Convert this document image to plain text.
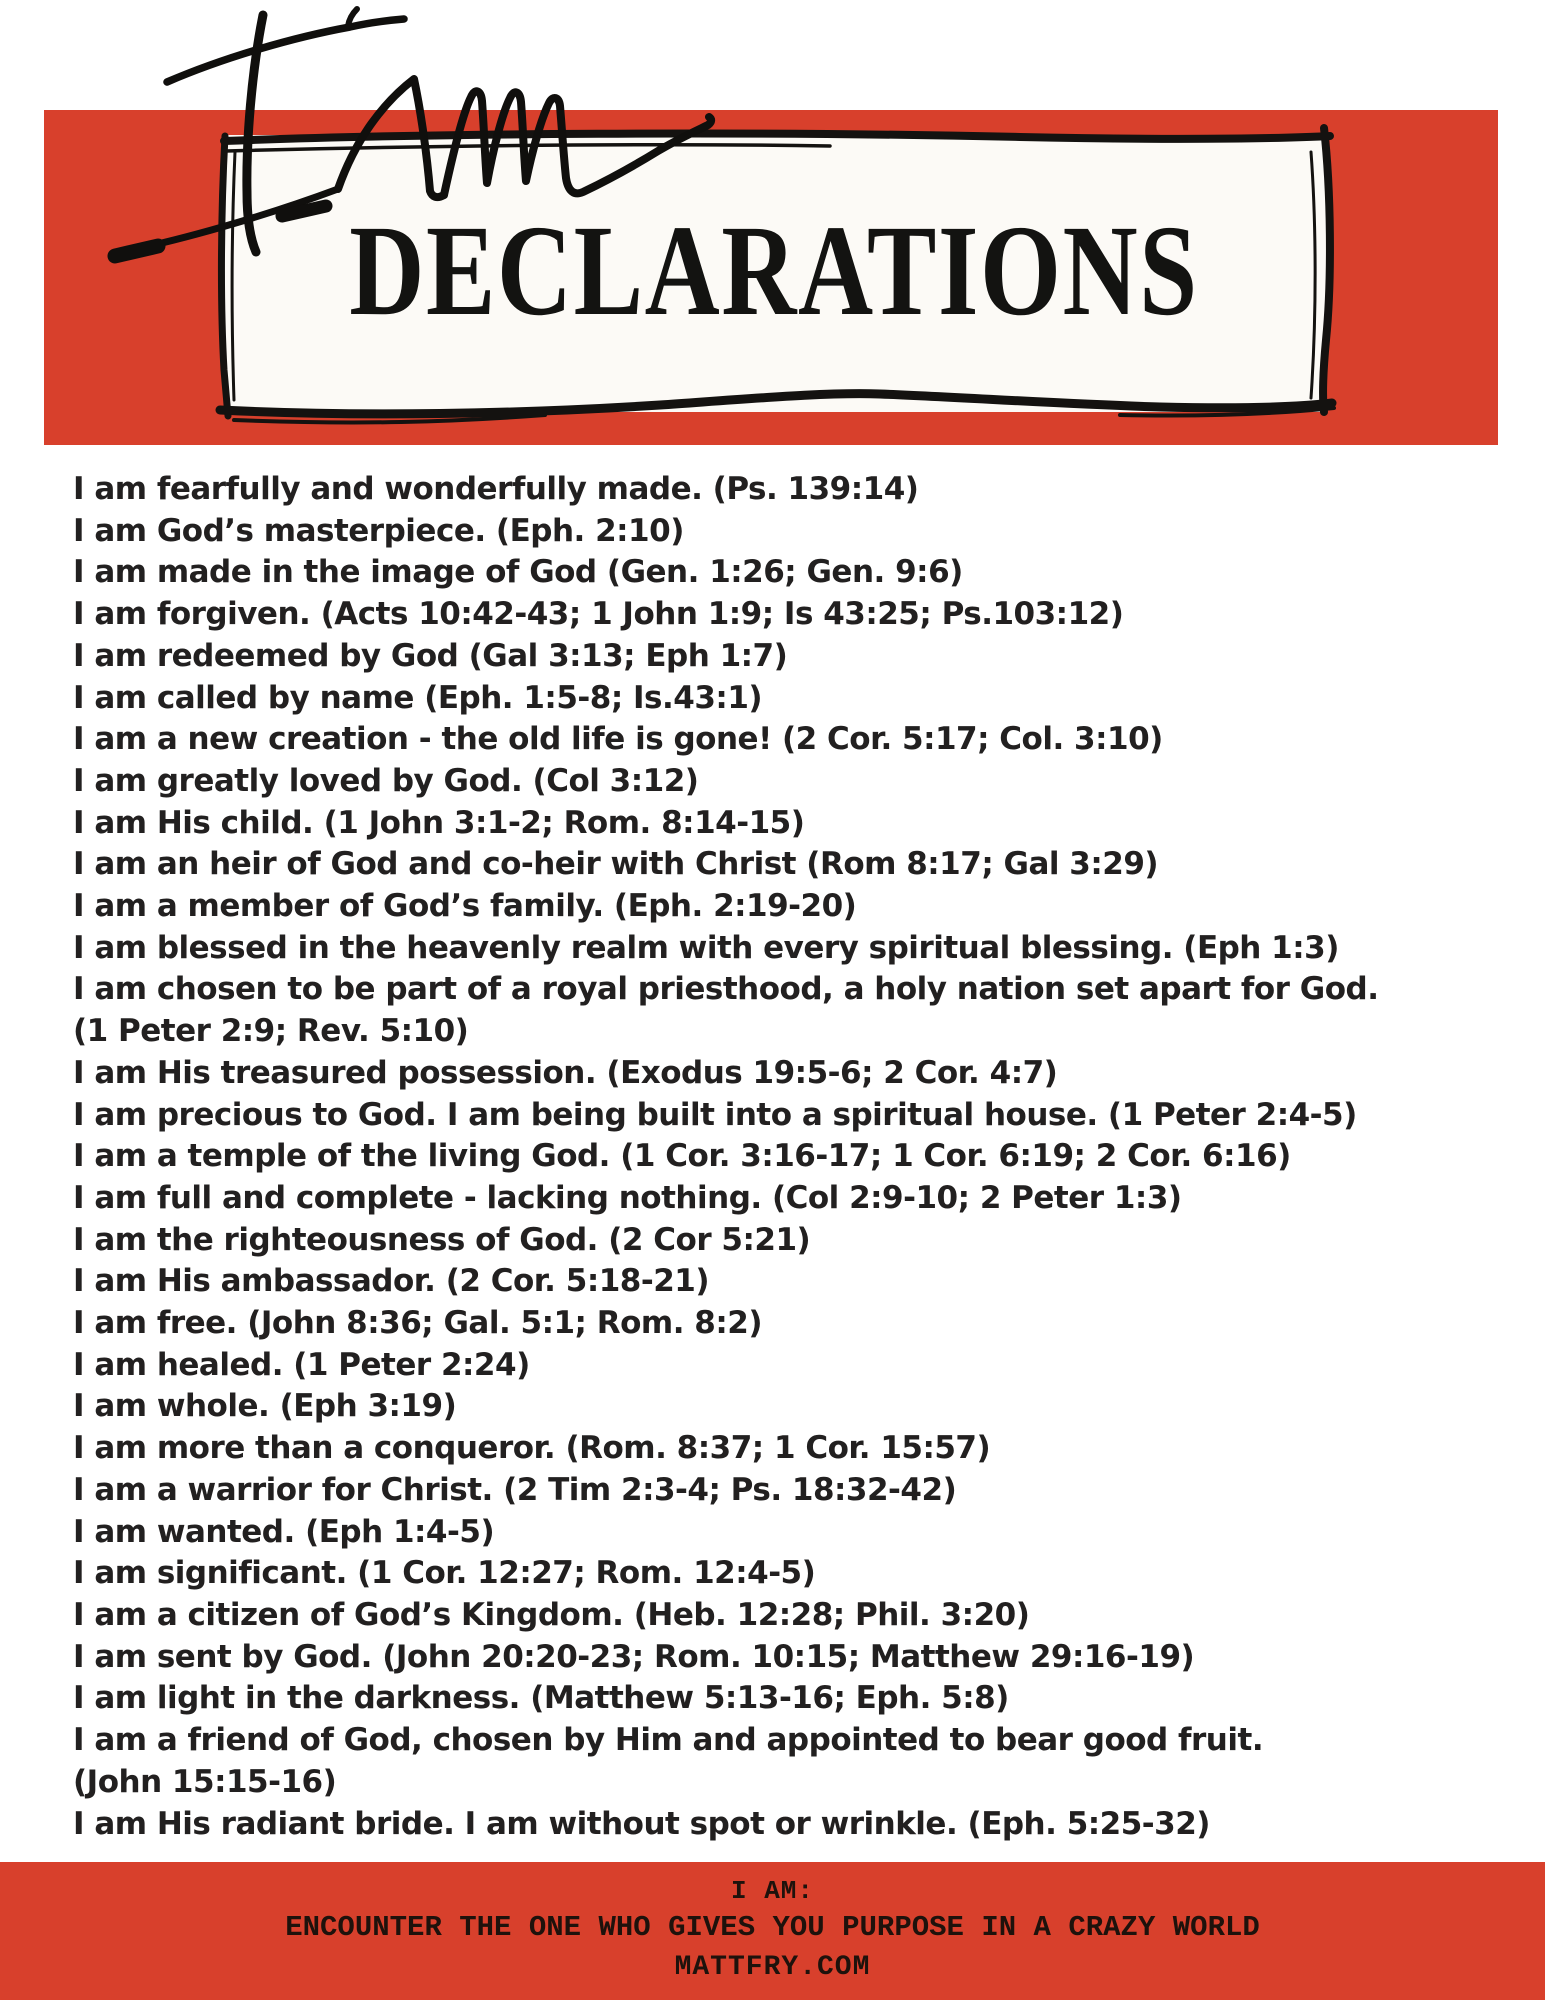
DECLARATIONS
I am fearfully and wonderfully made. (Ps. 139:14)
I am God’s masterpiece. (Eph. 2:10)
I am made in the image of God (Gen. 1:26; Gen. 9:6)
I am forgiven. (Acts 10:42-43; 1 John 1:9; Is 43:25; Ps.103:12)
I am redeemed by God (Gal 3:13; Eph 1:7)
I am called by name (Eph. 1:5-8; Is.43:1)
I am a new creation - the old life is gone! (2 Cor. 5:17; Col. 3:10)
I am greatly loved by God. (Col 3:12)
I am His child. (1 John 3:1-2; Rom. 8:14-15)
I am an heir of God and co-heir with Christ (Rom 8:17; Gal 3:29)
I am a member of God’s family. (Eph. 2:19-20)
I am blessed in the heavenly realm with every spiritual blessing. (Eph 1:3)
I am chosen to be part of a royal priesthood, a holy nation set apart for God.
(1 Peter 2:9; Rev. 5:10)
I am His treasured possession. (Exodus 19:5-6; 2 Cor. 4:7)
I am precious to God. I am being built into a spiritual house. (1 Peter 2:4-5)
I am a temple of the living God. (1 Cor. 3:16-17; 1 Cor. 6:19; 2 Cor. 6:16)
I am full and complete - lacking nothing. (Col 2:9-10; 2 Peter 1:3)
I am the righteousness of God. (2 Cor 5:21)
I am His ambassador. (2 Cor. 5:18-21)
I am free. (John 8:36; Gal. 5:1; Rom. 8:2)
I am healed. (1 Peter 2:24)
I am whole. (Eph 3:19)
I am more than a conqueror. (Rom. 8:37; 1 Cor. 15:57)
I am a warrior for Christ. (2 Tim 2:3-4; Ps. 18:32-42)
I am wanted. (Eph 1:4-5)
I am significant. (1 Cor. 12:27; Rom. 12:4-5)
I am a citizen of God’s Kingdom. (Heb. 12:28; Phil. 3:20)
I am sent by God. (John 20:20-23; Rom. 10:15; Matthew 29:16-19)
I am light in the darkness. (Matthew 5:13-16; Eph. 5:8)
I am a friend of God, chosen by Him and appointed to bear good fruit.
(John 15:15-16)
I am His radiant bride. I am without spot or wrinkle. (Eph. 5:25-32)
I AM:
ENCOUNTER THE ONE WHO GIVES YOU PURPOSE IN A CRAZY WORLD
MATTFRY.COM
